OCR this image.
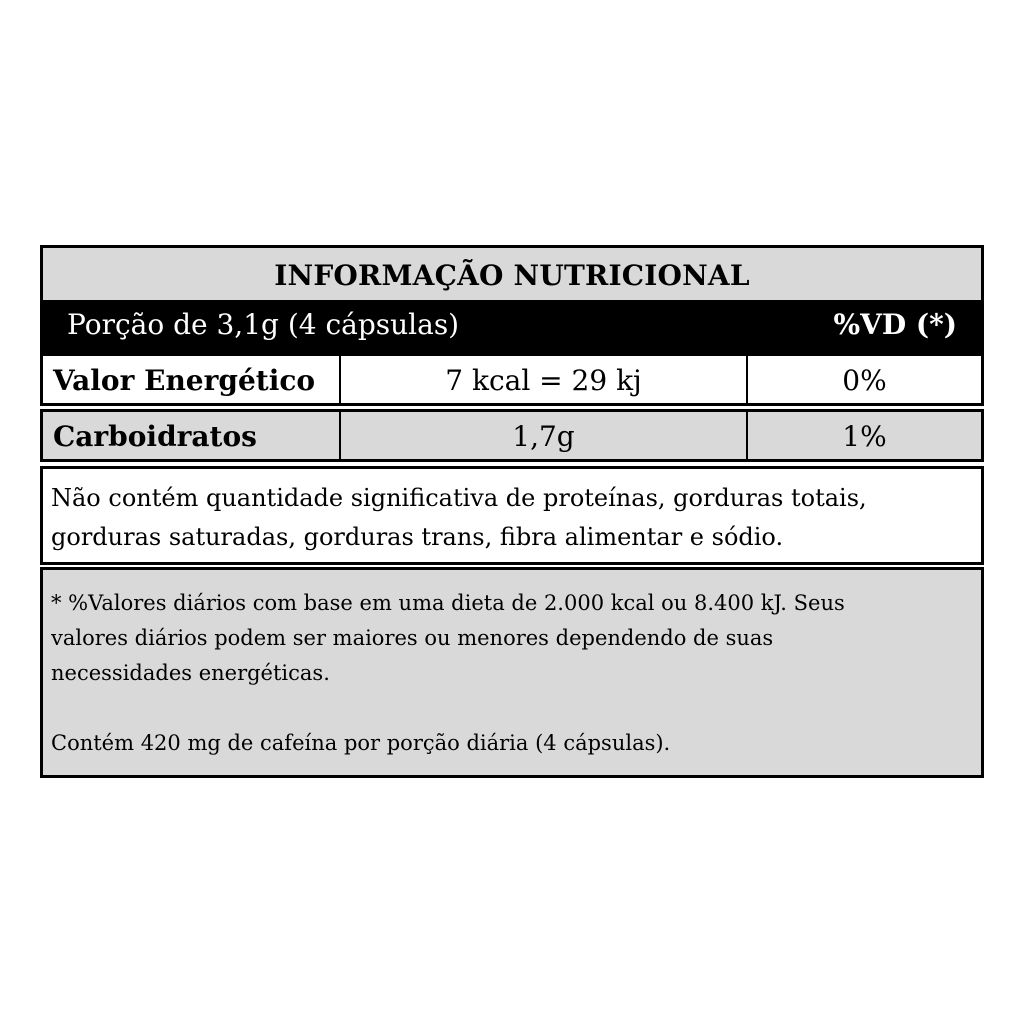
INFORMAÇÃO NUTRICIONAL
Porção de 3,1g (4 cápsulas)	%VD (*)
Valor Energético	7 kcal = 29 kj	0%
Carboidratos	1,7g	1%
Não contém quantidade significativa de proteínas, gorduras totais,
gorduras saturadas, gorduras trans, fibra alimentar e sódio.
* %Valores diários com base em uma dieta de 2.000 kcal ou 8.400 kJ. Seus
valores diários podem ser maiores ou menores dependendo de suas
necessidades energéticas.
Contém 420 mg de cafeína por porção diária (4 cápsulas).
